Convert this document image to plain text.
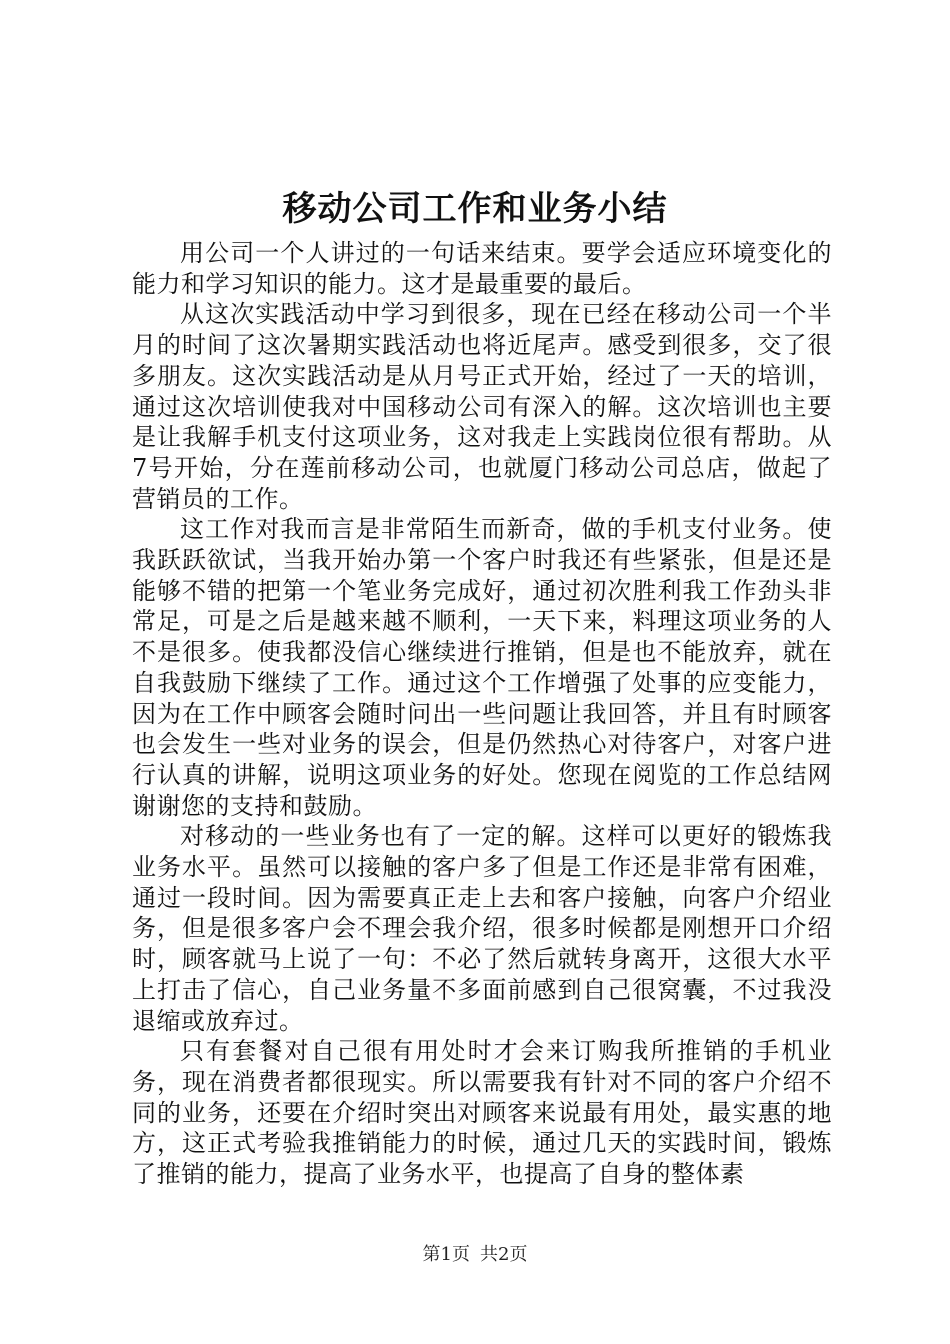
移动公司工作和业务小结

用公司一个人讲过的一句话来结束。要学会适应环境变化的能力和学习知识的能力。这才是最重要的最后。

从这次实践活动中学习到很多，现在已经在移动公司一个半月的时间了这次暑期实践活动也将近尾声。感受到很多，交了很多朋友。这次实践活动是从月号正式开始，经过了一天的培训，通过这次培训使我对中国移动公司有深入的解。这次培训也主要是让我解手机支付这项业务，这对我走上实践岗位很有帮助。从7号开始，分在莲前移动公司，也就厦门移动公司总店，做起了营销员的工作。

这工作对我而言是非常陌生而新奇，做的手机支付业务。使我跃跃欲试，当我开始办第一个客户时我还有些紧张，但是还是能够不错的把第一个笔业务完成好，通过初次胜利我工作劲头非常足，可是之后是越来越不顺利，一天下来，料理这项业务的人不是很多。使我都没信心继续进行推销，但是也不能放弃，就在自我鼓励下继续了工作。通过这个工作增强了处事的应变能力，因为在工作中顾客会随时问出一些问题让我回答，并且有时顾客也会发生一些对业务的误会，但是仍然热心对待客户，对客户进行认真的讲解，说明这项业务的好处。您现在阅览的工作总结网谢谢您的支持和鼓励。

对移动的一些业务也有了一定的解。这样可以更好的锻炼我业务水平。虽然可以接触的客户多了但是工作还是非常有困难，通过一段时间。因为需要真正走上去和客户接触，向客户介绍业务，但是很多客户会不理会我介绍，很多时候都是刚想开口介绍时，顾客就马上说了一句：不必了然后就转身离开，这很大水平上打击了信心，自己业务量不多面前感到自己很窝囊，不过我没退缩或放弃过。

只有套餐对自己很有用处时才会来订购我所推销的手机业务，现在消费者都很现实。所以需要我有针对不同的客户介绍不同的业务，还要在介绍时突出对顾客来说最有用处，最实惠的地方，这正式考验我推销能力的时候，通过几天的实践时间，锻炼了推销的能力，提高了业务水平，也提高了自身的整体素

第1页 共2页
